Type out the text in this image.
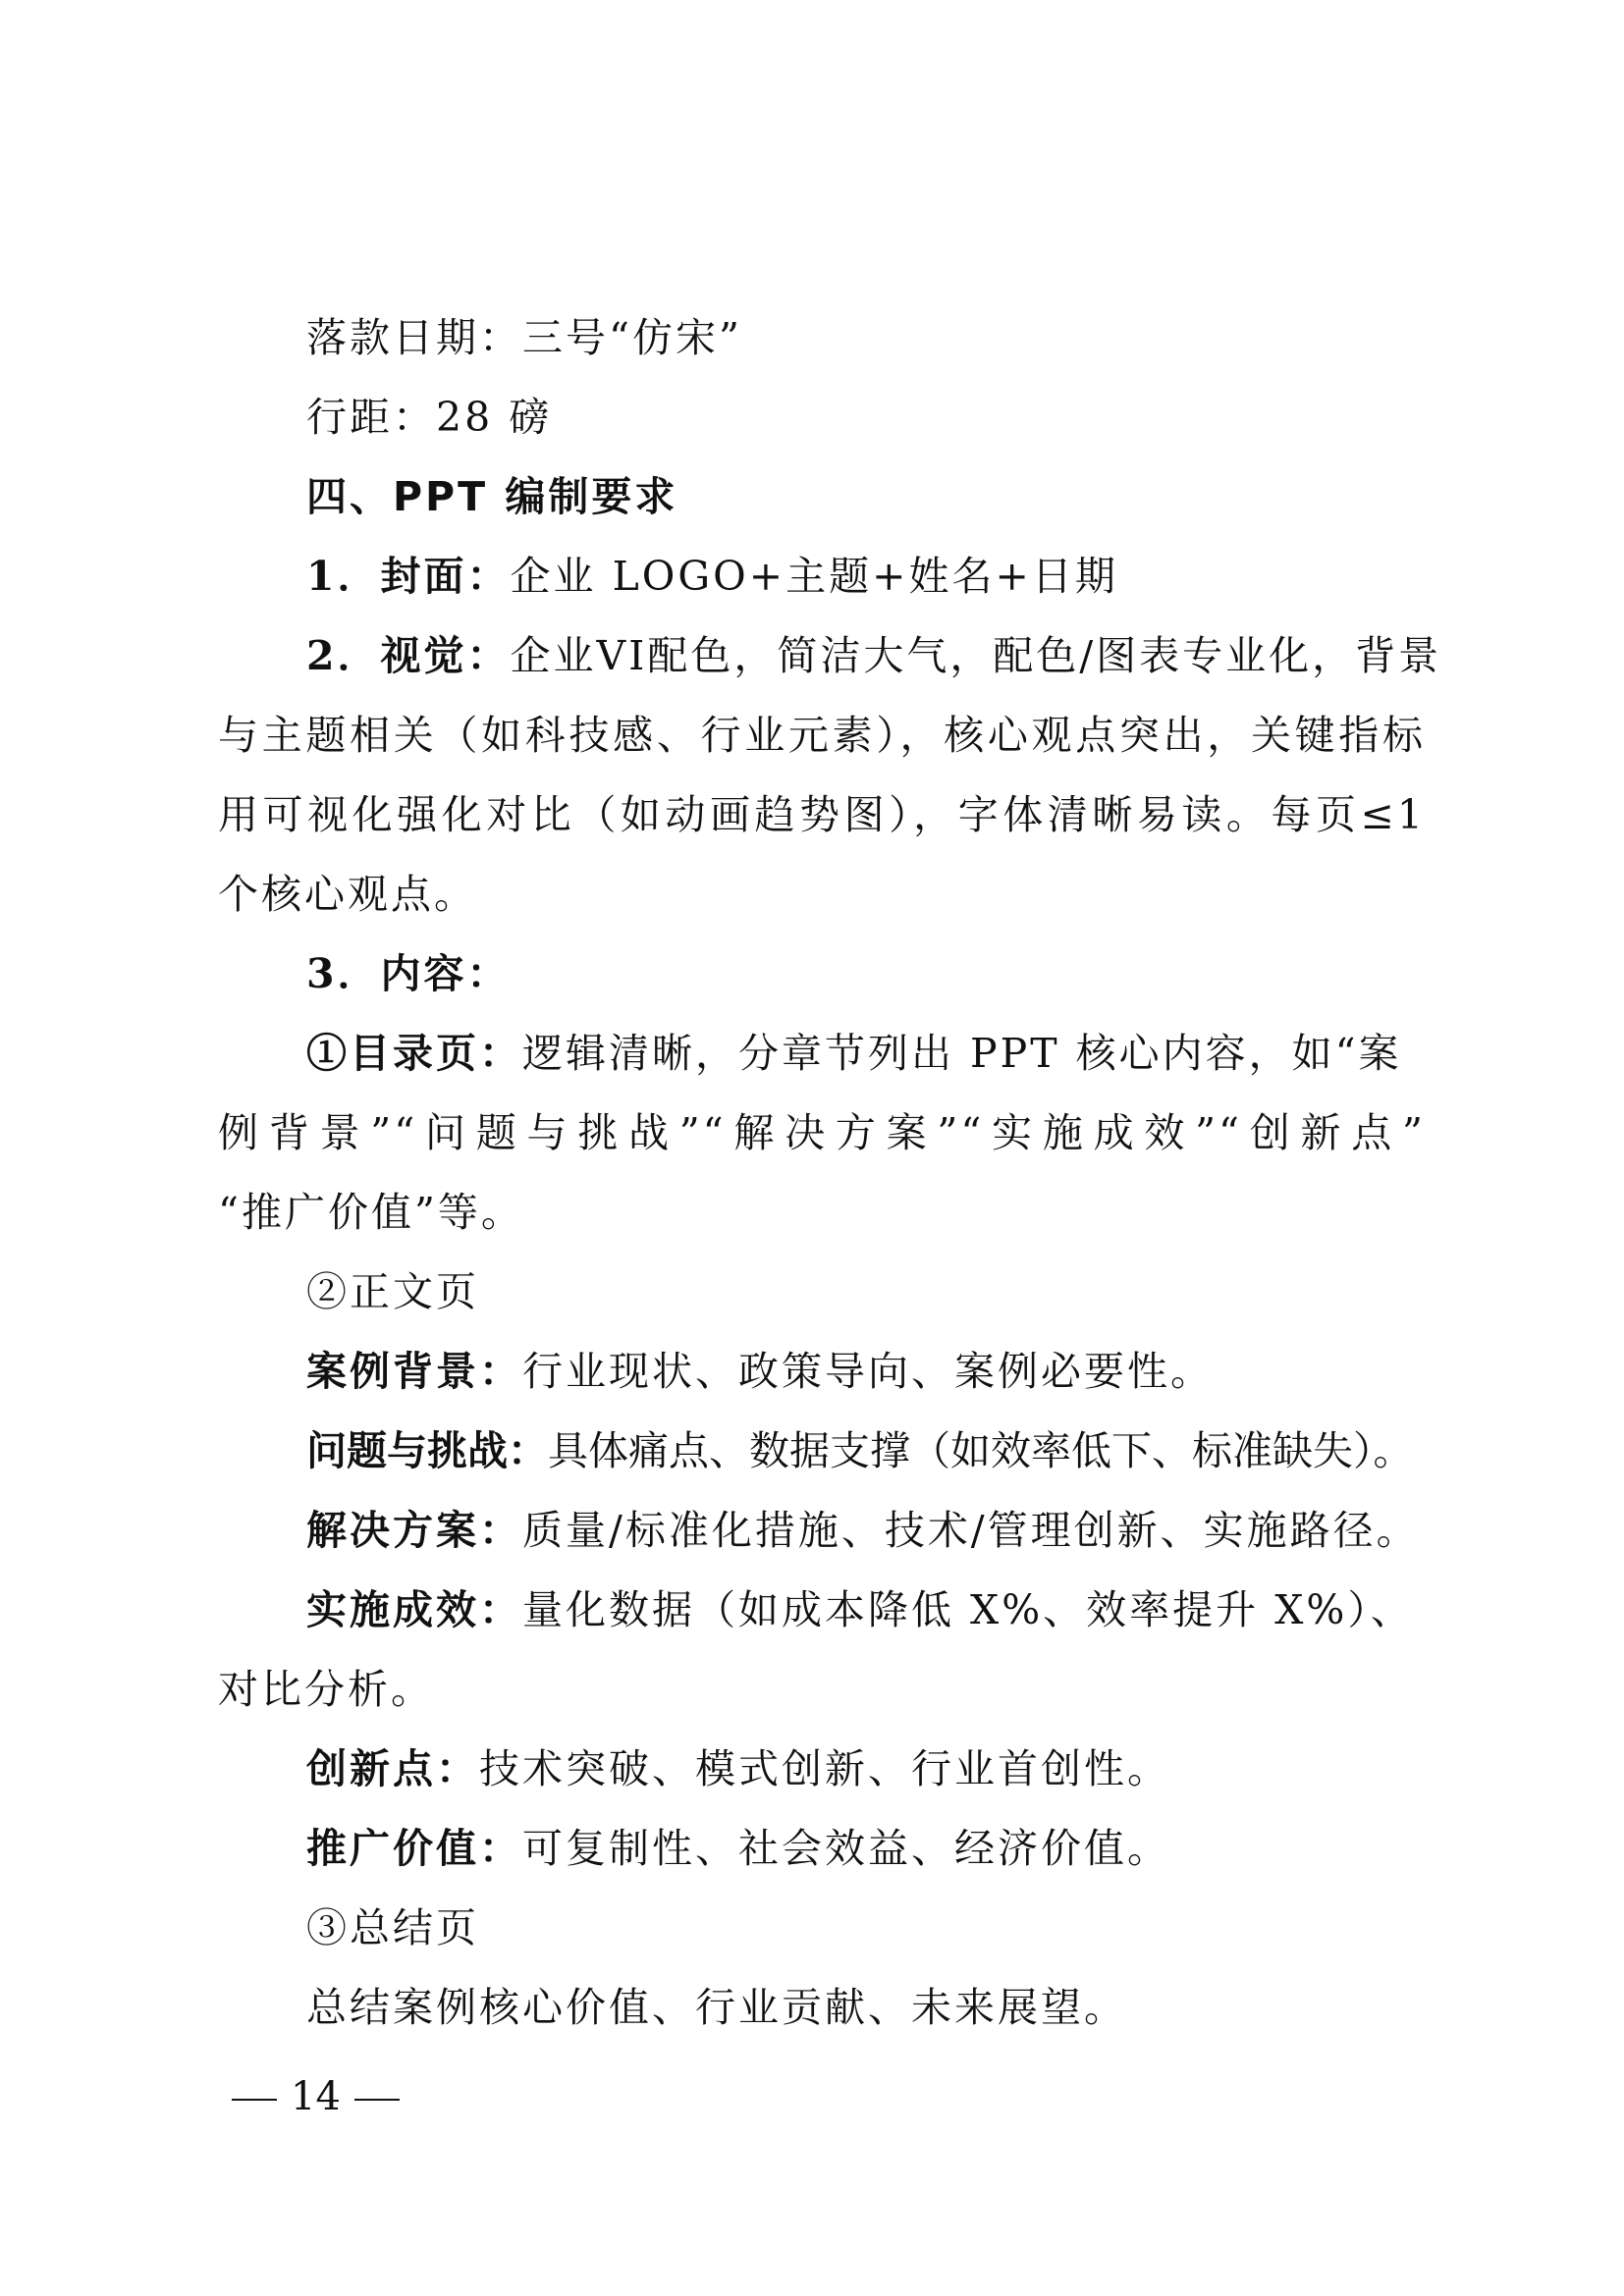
落款日期：三号“仿宋”
行距：28 磅
四、PPT 编制要求
1．封面：企业 LOGO+主题+姓名+日期
2．视觉：企业VI配色，简洁大气，配色/图表专业化，背景
与主题相关（如科技感、行业元素），核心观点突出，关键指标
用可视化强化对比（如动画趋势图），字体清晰易读。每页≤1
个核心观点。
3．内容：
①目录页：逻辑清晰，分章节列出 PPT 核心内容，如“案
例背景”“问题与挑战”“解决方案”“实施成效”“创新点”
“推广价值”等。
②正文页
案例背景：行业现状、政策导向、案例必要性。
问题与挑战：具体痛点、数据支撑（如效率低下、标准缺失）。
解决方案：质量/标准化措施、技术/管理创新、实施路径。
实施成效：量化数据（如成本降低 X%、效率提升 X%）、
对比分析。
创新点：技术突破、模式创新、行业首创性。
推广价值：可复制性、社会效益、经济价值。
③总结页
总结案例核心价值、行业贡献、未来展望。
14
